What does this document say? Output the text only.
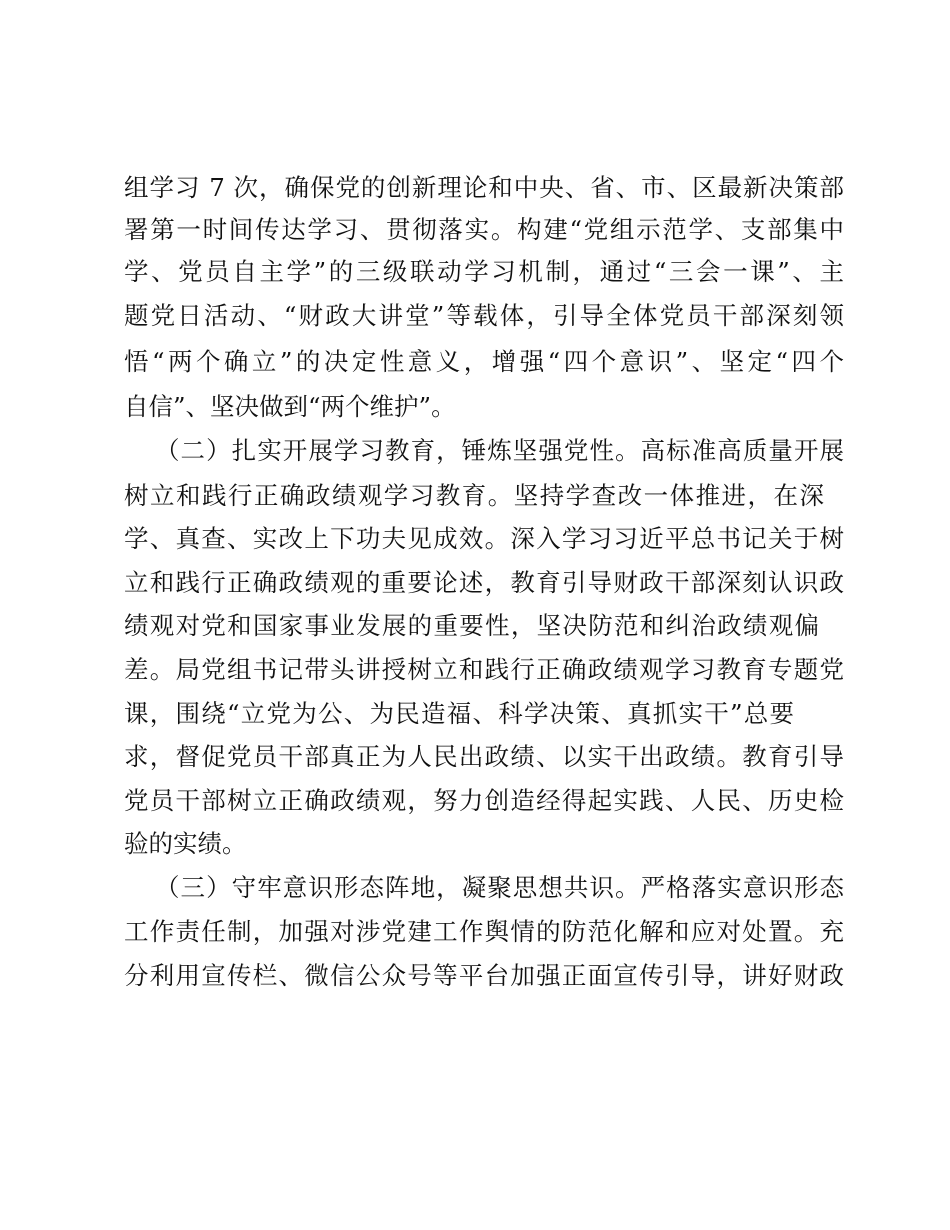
组学习 7 次，确保党的创新理论和中央、省、市、区最新决策部
署第一时间传达学习、贯彻落实。构建“党组示范学、支部集中
学、党员自主学”的三级联动学习机制，通过“三会一课”、主
题党日活动、“财政大讲堂”等载体，引导全体党员干部深刻领
悟“两个确立”的决定性意义，增强“四个意识”、坚定“四个
自信”、坚决做到“两个维护”。
（二）扎实开展学习教育，锤炼坚强党性。高标准高质量开展
树立和践行正确政绩观学习教育。坚持学查改一体推进，在深
学、真查、实改上下功夫见成效。深入学习习近平总书记关于树
立和践行正确政绩观的重要论述，教育引导财政干部深刻认识政
绩观对党和国家事业发展的重要性，坚决防范和纠治政绩观偏
差。局党组书记带头讲授树立和践行正确政绩观学习教育专题党
课，围绕“立党为公、为民造福、科学决策、真抓实干”总要
求，督促党员干部真正为人民出政绩、以实干出政绩。教育引导
党员干部树立正确政绩观，努力创造经得起实践、人民、历史检
验的实绩。
（三）守牢意识形态阵地，凝聚思想共识。严格落实意识形态
工作责任制，加强对涉党建工作舆情的防范化解和应对处置。充
分利用宣传栏、微信公众号等平台加强正面宣传引导，讲好财政
